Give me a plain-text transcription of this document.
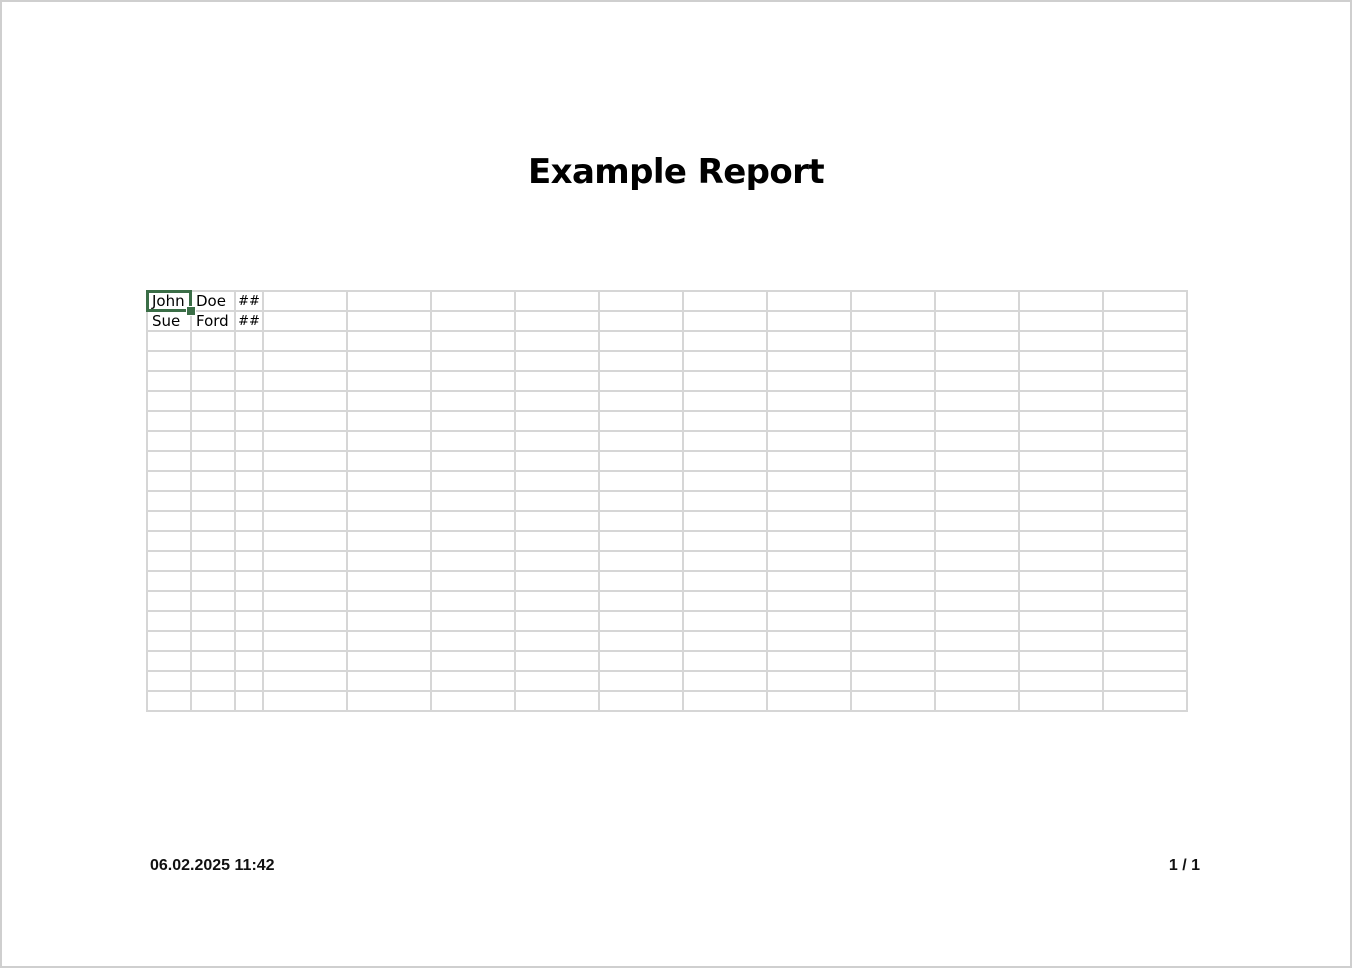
Example Report
John	Doe	##											
Sue	Ford	##											

06.02.2025 11:42	1 / 1
